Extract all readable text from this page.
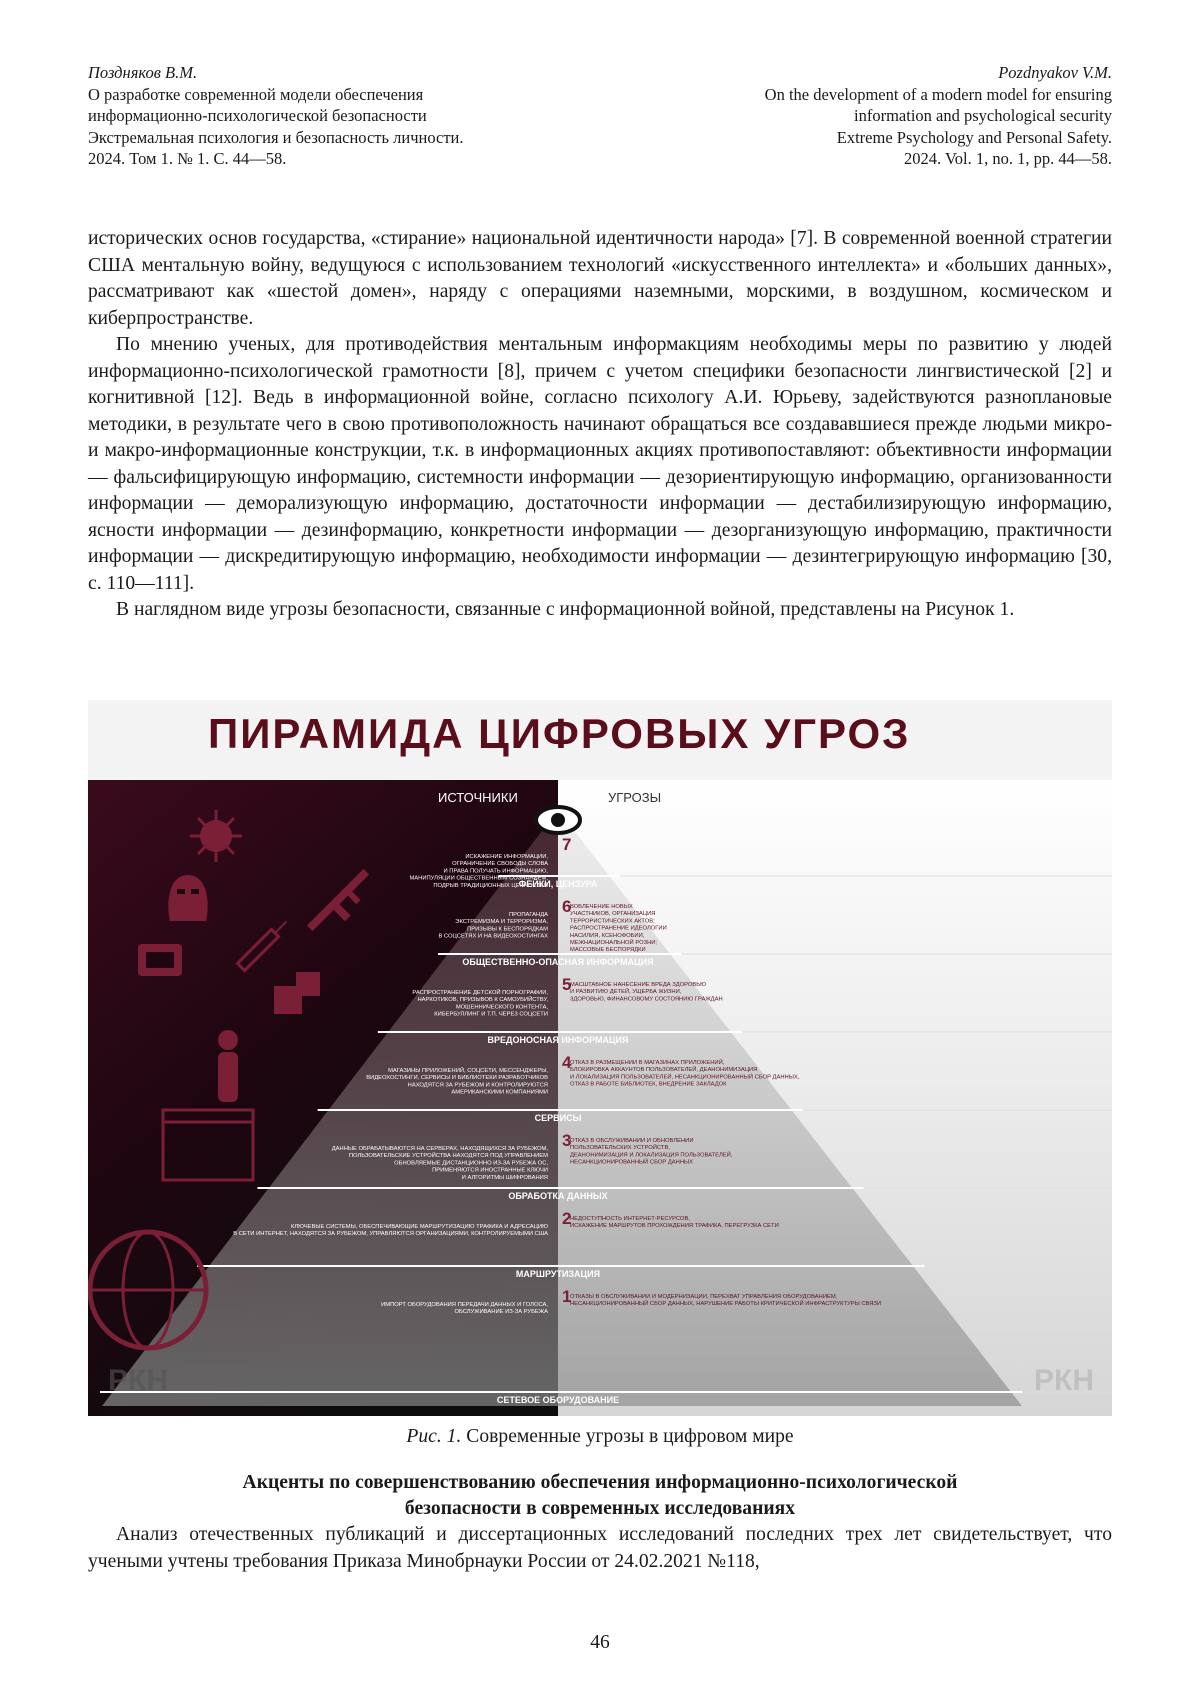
Поздняков В.М.
О разработке современной модели обеспечения
информационно-психологической безопасности
Экстремальная психология и безопасность личности.
2024. Том 1. № 1. С. 44—58.
Pozdnyakov V.M.
On the development of a modern model for ensuring
information and psychological security
Extreme Psychology and Personal Safety.
2024. Vol. 1, no. 1, pp. 44—58.

исторических основ государства, «стирание» национальной идентичности народа» [7]. В современной военной стратегии США ментальную войну, ведущуюся с использованием технологий «искусственного интеллекта» и «больших данных», рассматривают как «шестой домен», наряду с операциями наземными, морскими, в воздушном, космическом и киберпространстве.

По мнению ученых, для противодействия ментальным информакциям необходимы меры по развитию у людей информационно-психологической грамотности [8], причем с учетом специфики безопасности лингвистической [2] и когнитивной [12]. Ведь в информационной войне, согласно психологу А.И. Юрьеву, задействуются разноплановые методики, в результате чего в свою противоположность начинают обращаться все создававшиеся прежде людьми микро- и макро-информационные конструкции, т.к. в информационных акциях противопоставляют: объективности информации — фальсифицирующую информацию, системности информации — дезориентирующую информацию, организованности информации — деморализующую информацию, достаточности информации — дестабилизирующую информацию, ясности информации — дезинформацию, конкретности информации — дезорганизующую информацию, практичности информации — дискредитирующую информацию, необходимости информации — дезинтегрирующую информацию [30, с. 110—111].

В наглядном виде угрозы безопасности, связанные с информационной войной, представлены на Рисунок 1.

ПИРАМИДА ЦИФРОВЫХ УГРОЗ
7
ФЕЙКИ, ЦЕНЗУРА
ИСКАЖЕНИЕ ИНФОРМАЦИИ,
ОГРАНИЧЕНИЕ СВОБОДЫ СЛОВА
И ПРАВА ПОЛУЧАТЬ ИНФОРМАЦИЮ,
МАНИПУЛЯЦИИ ОБЩЕСТВЕННЫМ СОЗНАНИЕМ,
ПОДРЫВ ТРАДИЦИОННЫХ ЦЕННОСТЕЙ
6
ОБЩЕСТВЕННО-ОПАСНАЯ ИНФОРМАЦИЯ
ПРОПАГАНДА
ЭКСТРЕМИЗМА И ТЕРРОРИЗМА,
ПРИЗЫВЫ К БЕСПОРЯДКАМ
В СОЦСЕТЯХ И НА ВИДЕОХОСТИНГАХ
ВОВЛЕЧЕНИЕ НОВЫХ
УЧАСТНИКОВ, ОРГАНИЗАЦИЯ
ТЕРРОРИСТИЧЕСКИХ АКТОВ;
РАСПРОСТРАНЕНИЕ ИДЕОЛОГИИ
НАСИЛИЯ, КСЕНОФОБИИ,
МЕЖНАЦИОНАЛЬНОЙ РОЗНИ;
МАССОВЫЕ БЕСПОРЯДКИ
5
ВРЕДОНОСНАЯ ИНФОРМАЦИЯ
РАСПРОСТРАНЕНИЕ ДЕТСКОЙ ПОРНОГРАФИИ,
НАРКОТИКОВ, ПРИЗЫВОВ К САМОУБИЙСТВУ,
МОШЕННИЧЕСКОГО КОНТЕНТА,
КИБЕРБУЛЛИНГ И Т.П. ЧЕРЕЗ СОЦСЕТИ
МАСШТАБНОЕ НАНЕСЕНИЕ ВРЕДА ЗДОРОВЬЮ
И РАЗВИТИЮ ДЕТЕЙ, УЩЕРБА ЖИЗНИ,
ЗДОРОВЬЮ, ФИНАНСОВОМУ СОСТОЯНИЮ ГРАЖДАН
4
СЕРВИСЫ
МАГАЗИНЫ ПРИЛОЖЕНИЙ, СОЦСЕТИ, МЕССЕНДЖЕРЫ,
ВИДЕОХОСТИНГИ, СЕРВИСЫ И БИБЛИОТЕКИ РАЗРАБОТЧИКОВ
НАХОДЯТСЯ ЗА РУБЕЖОМ И КОНТРОЛИРУЮТСЯ
АМЕРИКАНСКИМИ КОМПАНИЯМИ
ОТКАЗ В РАЗМЕЩЕНИИ В МАГАЗИНАХ ПРИЛОЖЕНИЙ,
БЛОКИРОВКА АККАУНТОВ ПОЛЬЗОВАТЕЛЕЙ, ДЕАНОНИМИЗАЦИЯ
И ЛОКАЛИЗАЦИЯ ПОЛЬЗОВАТЕЛЕЙ, НЕСАНКЦИОНИРОВАННЫЙ СБОР ДАННЫХ,
ОТКАЗ В РАБОТЕ БИБЛИОТЕК, ВНЕДРЕНИЕ ЗАКЛАДОК
3
ОБРАБОТКА ДАННЫХ
ДАННЫЕ ОБРАБАТЫВАЮТСЯ НА СЕРВЕРАХ, НАХОДЯЩИХСЯ ЗА РУБЕЖОМ,
ПОЛЬЗОВАТЕЛЬСКИЕ УСТРОЙСТВА НАХОДЯТСЯ ПОД УПРАВЛЕНИЕМ
ОБНОВЛЯЕМЫЕ ДИСТАНЦИОННО ИЗ-ЗА РУБЕЖА ОС,
ПРИМЕНЯЮТСЯ ИНОСТРАННЫЕ КЛЮЧИ
И АЛГОРИТМЫ ШИФРОВАНИЯ
ОТКАЗ В ОБСЛУЖИВАНИИ И ОБНОВЛЕНИИ
ПОЛЬЗОВАТЕЛЬСКИХ УСТРОЙСТВ,
ДЕАНОНИМИЗАЦИЯ И ЛОКАЛИЗАЦИЯ ПОЛЬЗОВАТЕЛЕЙ,
НЕСАНКЦИОНИРОВАННЫЙ СБОР ДАННЫХ
2
МАРШРУТИЗАЦИЯ
КЛЮЧЕВЫЕ СИСТЕМЫ, ОБЕСПЕЧИВАЮЩИЕ МАРШРУТИЗАЦИЮ ТРАФИКА И АДРЕСАЦИЮ
В СЕТИ ИНТЕРНЕТ, НАХОДЯТСЯ ЗА РУБЕЖОМ, УПРАВЛЯЮТСЯ ОРГАНИЗАЦИЯМИ, КОНТРОЛИРУЕМЫМИ США
НЕДОСТУПНОСТЬ ИНТЕРНЕТ-РЕСУРСОВ,
ИСКАЖЕНИЕ МАРШРУТОВ ПРОХОЖДЕНИЯ ТРАФИКА, ПЕРЕГРУЗКА СЕТИ
1
СЕТЕВОЕ ОБОРУДОВАНИЕ
ИМПОРТ ОБОРУДОВАНИЯ ПЕРЕДАЧИ ДАННЫХ И ГОЛОСА,
ОБСЛУЖИВАНИЕ ИЗ-ЗА РУБЕЖА
ОТКАЗЫ В ОБСЛУЖИВАНИИ И МОДЕРНИЗАЦИИ, ПЕРЕХВАТ УПРАВЛЕНИЯ ОБОРУДОВАНИЕМ,
НЕСАНКЦИОНИРОВАННЫЙ СБОР ДАННЫХ, НАРУШЕНИЕ РАБОТЫ КРИТИЧЕСКОЙ ИНФРАСТРУКТУРЫ СВЯЗИ
ИСТОЧНИКИ	УГРОЗЫ
РКН	РКН
Рис. 1. Современные угрозы в цифровом мире
Акценты по совершенствованию обеспечения информационно-психологической
безопасности в современных исследованиях

Анализ отечественных публикаций и диссертационных исследований последних трех лет свидетельствует, что учеными учтены требования Приказа Минобрнауки России от 24.02.2021 №118,

46
